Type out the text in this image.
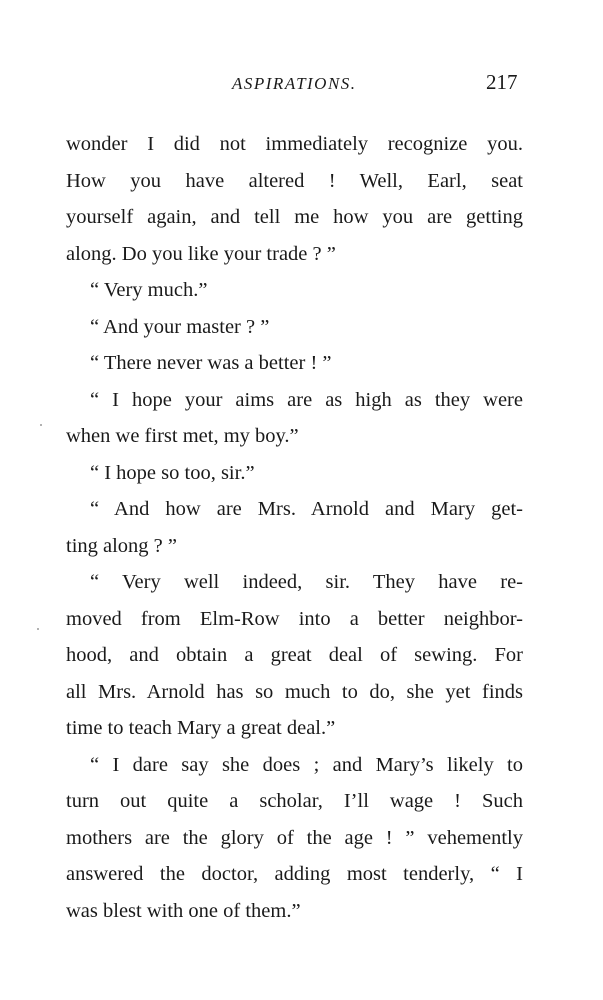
ASPIRATIONS.	217
wonder I did not immediately recognize you.
How you have altered ! Well, Earl, seat
yourself again, and tell me how you are getting
along. Do you like your trade ? ”
“ Very much.”
“ And your master ? ”
“ There never was a better ! ”
“ I hope your aims are as high as they were
when we first met, my boy.”
“ I hope so too, sir.”
“ And how are Mrs. Arnold and Mary get-
ting along ? ”
“ Very well indeed, sir. They have re-
moved from Elm-Row into a better neighbor-
hood, and obtain a great deal of sewing. For
all Mrs. Arnold has so much to do, she yet finds
time to teach Mary a great deal.”
“ I dare say she does ; and Mary’s likely to
turn out quite a scholar, I’ll wage ! Such
mothers are the glory of the age ! ” vehemently
answered the doctor, adding most tenderly, “ I
was blest with one of them.”
